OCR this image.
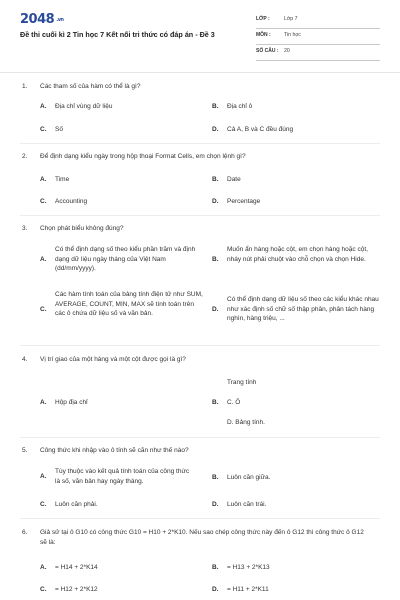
2048 .vn
Đề thi cuối kì 2 Tin học 7 Kết nối tri thức có đáp án - Đề 3
LỚP :	Lớp 7
MÔN :	Tin học
SỐ CÂU : 20
1. Các tham số của hàm có thể là gì?
A. Địa chỉ vùng dữ liệu	B. Địa chỉ ô
C. Số	D. Cả A, B và C đều đúng
2. Để định dạng kiểu ngày trong hộp thoại Format Cells, em chọn lệnh gì?
A. Time	B. Date
C. Accounting	D. Percentage
3. Chọn phát biểu không đúng?
A.
Có thể định dạng số theo kiểu phần trăm và định dạng dữ liệu ngày tháng của Việt Nam (dd/mm/yyyy).
B.
Muốn ẩn hàng hoặc cột, em chọn hàng hoặc cột, nháy nút phải chuột vào chỗ chọn và chọn Hide.
C.
Các hàm tính toán của bảng tính điện tử như SUM, AVERAGE, COUNT, MIN, MAX sẽ tính toán trên các ô chứa dữ liệu số và văn bản.
D.
Có thể định dạng dữ liệu số theo các kiểu khác nhau như xác định số chữ số thập phân, phân tách hàng nghìn, hàng triệu, ...
4. Vị trí giao của một hàng và một cột được gọi là gì?
Trang tính
A. Hộp địa chỉ	B. C. Ô
D. Bảng tính.
5. Công thức khi nhập vào ô tính sẽ căn như thế nào?
A.
Tùy thuộc vào kết quả tính toán của công thức là số, văn bản hay ngày tháng.	B. Luôn căn giữa.
C. Luôn căn phải.	D. Luôn căn trái.
6.	Giả sử tại ô G10 có công thức G10 = H10 + 2*K10. Nếu sao chép công thức này đến ô G12 thì công thức ô G12 sẽ là:
A. = H14 + 2*K14	B. = H13 + 2*K13
C. = H12 + 2*K12	D. = H11 + 2*K11
